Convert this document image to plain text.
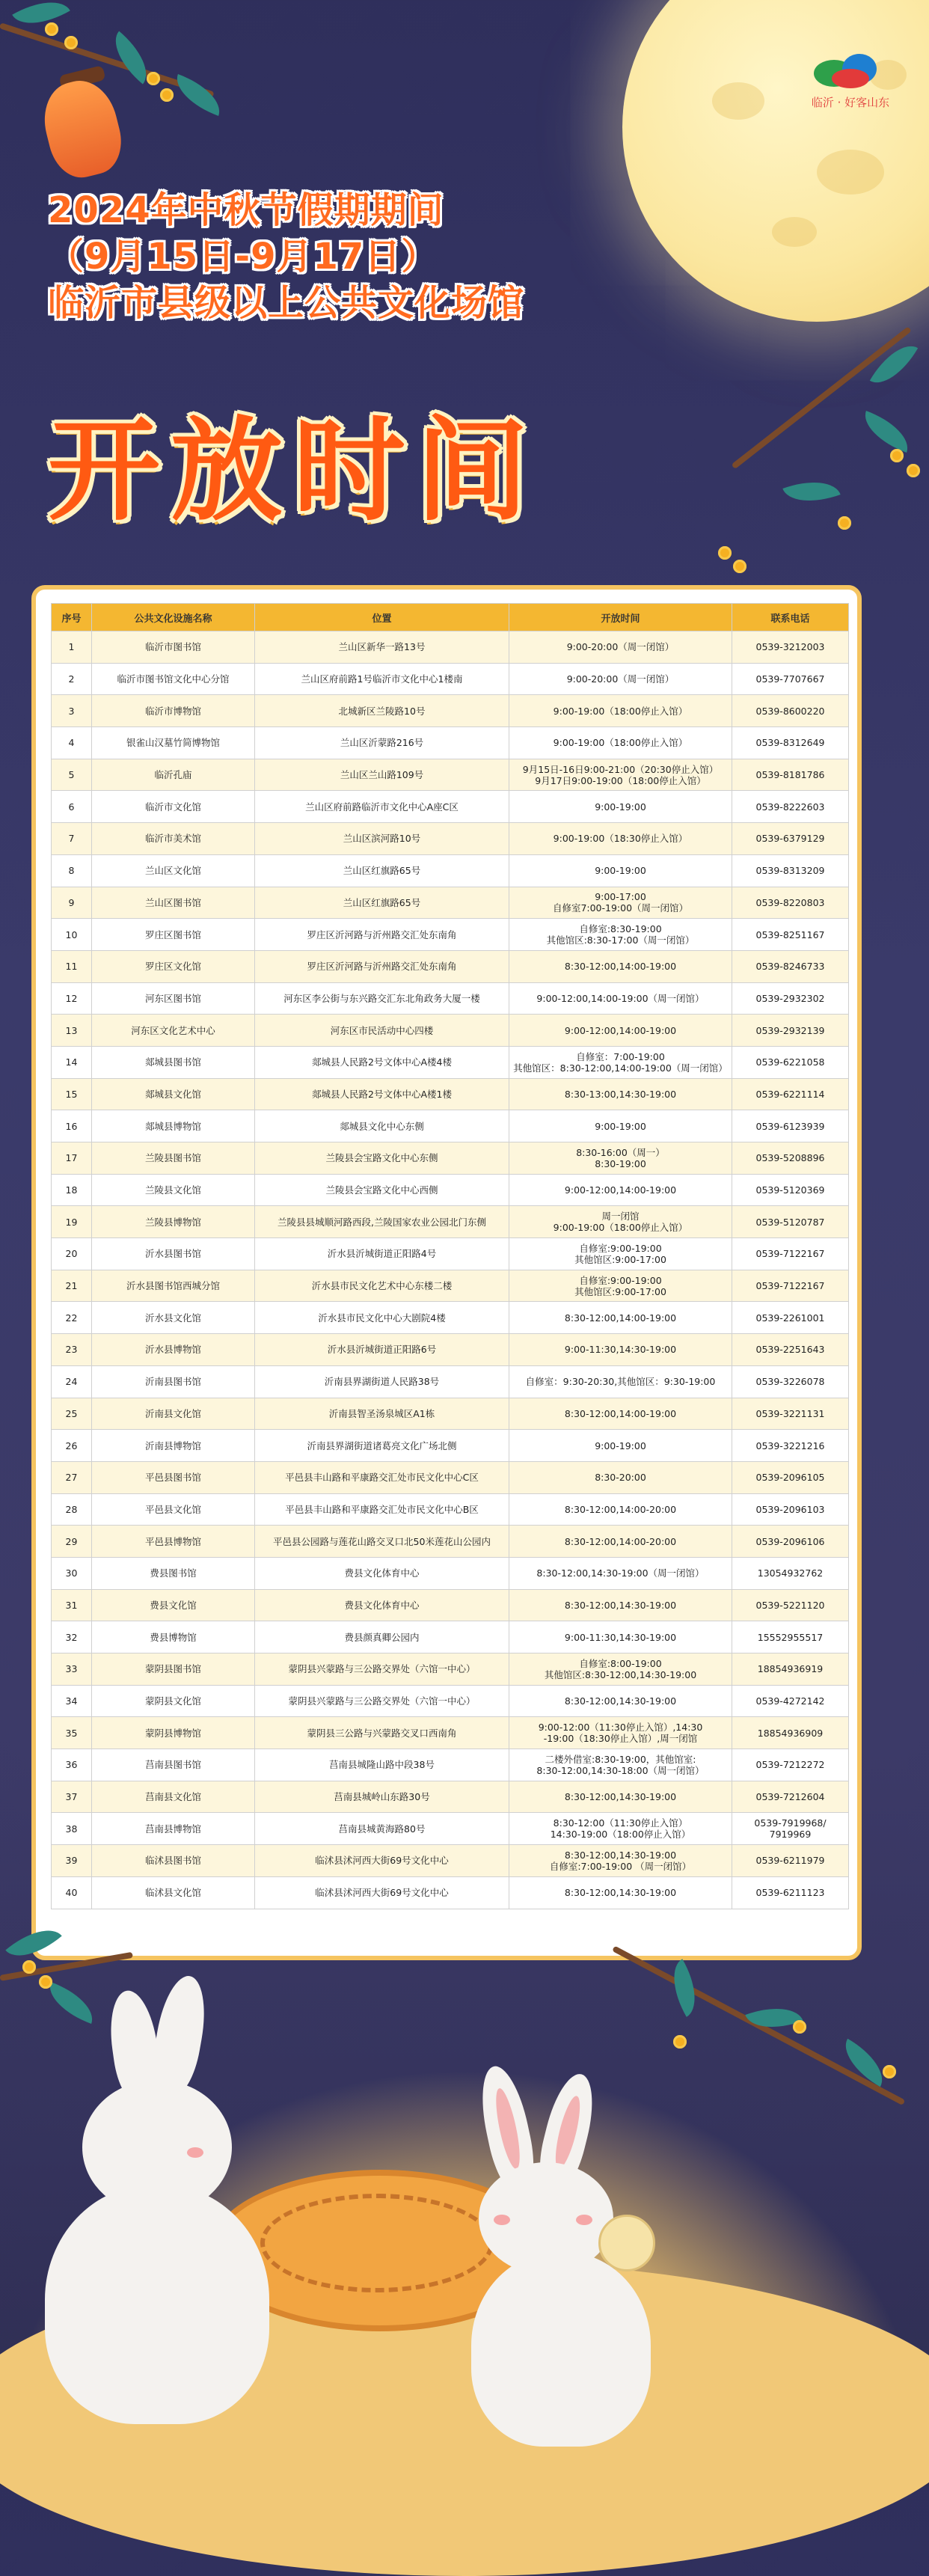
临沂 · 好客山东
2024年中秋节假期期间
（9月15日-9月17日）
临沂市县级以上公共文化场馆
开放时间
序号	公共文化设施名称	位置	开放时间	联系电话
1	临沂市图书馆	兰山区新华一路13号	9:00-20:00（周一闭馆）	0539-3212003

2	临沂市图书馆文化中心分馆	兰山区府前路1号临沂市文化中心1楼南	9:00-20:00（周一闭馆）	0539-7707667

3	临沂市博物馆	北城新区兰陵路10号	9:00-19:00（18:00停止入馆）	0539-8600220

4	银雀山汉墓竹简博物馆	兰山区沂蒙路216号	9:00-19:00（18:00停止入馆）	0539-8312649

5	临沂孔庙	兰山区兰山路109号	9月15日-16日9:00-21:00（20:30停止入馆）
9月17日9:00-19:00（18:00停止入馆）	0539-8181786

6	临沂市文化馆	兰山区府前路临沂市文化中心A座C区	9:00-19:00	0539-8222603

7	临沂市美术馆	兰山区滨河路10号	9:00-19:00（18:30停止入馆）	0539-6379129

8	兰山区文化馆	兰山区红旗路65号	9:00-19:00	0539-8313209

9	兰山区图书馆	兰山区红旗路65号	9:00-17:00
自修室7:00-19:00（周一闭馆）	0539-8220803

10	罗庄区图书馆	罗庄区沂河路与沂州路交汇处东南角	自修室:8:30-19:00
其他馆区:8:30-17:00（周一闭馆）	0539-8251167

11	罗庄区文化馆	罗庄区沂河路与沂州路交汇处东南角	8:30-12:00,14:00-19:00	0539-8246733

12	河东区图书馆	河东区李公街与东兴路交汇东北角政务大厦一楼	9:00-12:00,14:00-19:00（周一闭馆）	0539-2932302

13	河东区文化艺术中心	河东区市民活动中心四楼	9:00-12:00,14:00-19:00	0539-2932139

14	郯城县图书馆	郯城县人民路2号文体中心A楼4楼	自修室：7:00-19:00
其他馆区：8:30-12:00,14:00-19:00（周一闭馆）	0539-6221058

15	郯城县文化馆	郯城县人民路2号文体中心A楼1楼	8:30-13:00,14:30-19:00	0539-6221114

16	郯城县博物馆	郯城县文化中心东侧	9:00-19:00	0539-6123939

17	兰陵县图书馆	兰陵县会宝路文化中心东侧	8:30-16:00（周一）
8:30-19:00	0539-5208896

18	兰陵县文化馆	兰陵县会宝路文化中心西侧	9:00-12:00,14:00-19:00	0539-5120369

19	兰陵县博物馆	兰陵县县城顺河路西段,兰陵国家农业公园北门东侧	周一闭馆
9:00-19:00（18:00停止入馆）	0539-5120787

20	沂水县图书馆	沂水县沂城街道正阳路4号	自修室:9:00-19:00
其他馆区:9:00-17:00	0539-7122167

21	沂水县图书馆西城分馆	沂水县市民文化艺术中心东楼二楼	自修室:9:00-19:00
其他馆区:9:00-17:00	0539-7122167

22	沂水县文化馆	沂水县市民文化中心大剧院4楼	8:30-12:00,14:00-19:00	0539-2261001

23	沂水县博物馆	沂水县沂城街道正阳路6号	9:00-11:30,14:30-19:00	0539-2251643

24	沂南县图书馆	沂南县界湖街道人民路38号	自修室：9:30-20:30,其他馆区：9:30-19:00	0539-3226078

25	沂南县文化馆	沂南县智圣汤泉城区A1栋	8:30-12:00,14:00-19:00	0539-3221131

26	沂南县博物馆	沂南县界湖街道诸葛亮文化广场北侧	9:00-19:00	0539-3221216

27	平邑县图书馆	平邑县丰山路和平康路交汇处市民文化中心C区	8:30-20:00	0539-2096105

28	平邑县文化馆	平邑县丰山路和平康路交汇处市民文化中心B区	8:30-12:00,14:00-20:00	0539-2096103

29	平邑县博物馆	平邑县公园路与莲花山路交叉口北50米莲花山公园内	8:30-12:00,14:00-20:00	0539-2096106

30	费县图书馆	费县文化体育中心	8:30-12:00,14:30-19:00（周一闭馆）	13054932762

31	费县文化馆	费县文化体育中心	8:30-12:00,14:30-19:00	0539-5221120

32	费县博物馆	费县颜真卿公园内	9:00-11:30,14:30-19:00	15552955517

33	蒙阴县图书馆	蒙阴县兴蒙路与三公路交界处（六馆一中心）	自修室:8:00-19:00
其他馆区:8:30-12:00,14:30-19:00	18854936919

34	蒙阴县文化馆	蒙阴县兴蒙路与三公路交界处（六馆一中心）	8:30-12:00,14:30-19:00	0539-4272142

35	蒙阴县博物馆	蒙阴县三公路与兴蒙路交叉口西南角	9:00-12:00（11:30停止入馆）,14:30
-19:00（18:30停止入馆）,周一闭馆	18854936909

36	莒南县图书馆	莒南县城隆山路中段38号	二楼外借室:8:30-19:00，其他馆室:
8:30-12:00,14:30-18:00（周一闭馆）	0539-7212272

37	莒南县文化馆	莒南县城岭山东路30号	8:30-12:00,14:30-19:00	0539-7212604

38	莒南县博物馆	莒南县城黄海路80号	8:30-12:00（11:30停止入馆）
14:30-19:00（18:00停止入馆）	0539-7919968/
7919969

39	临沭县图书馆	临沭县沭河西大街69号文化中心	8:30-12:00,14:30-19:00
自修室:7:00-19:00 （周一闭馆）	0539-6211979

40	临沭县文化馆	临沭县沭河西大街69号文化中心	8:30-12:00,14:30-19:00	0539-6211123
